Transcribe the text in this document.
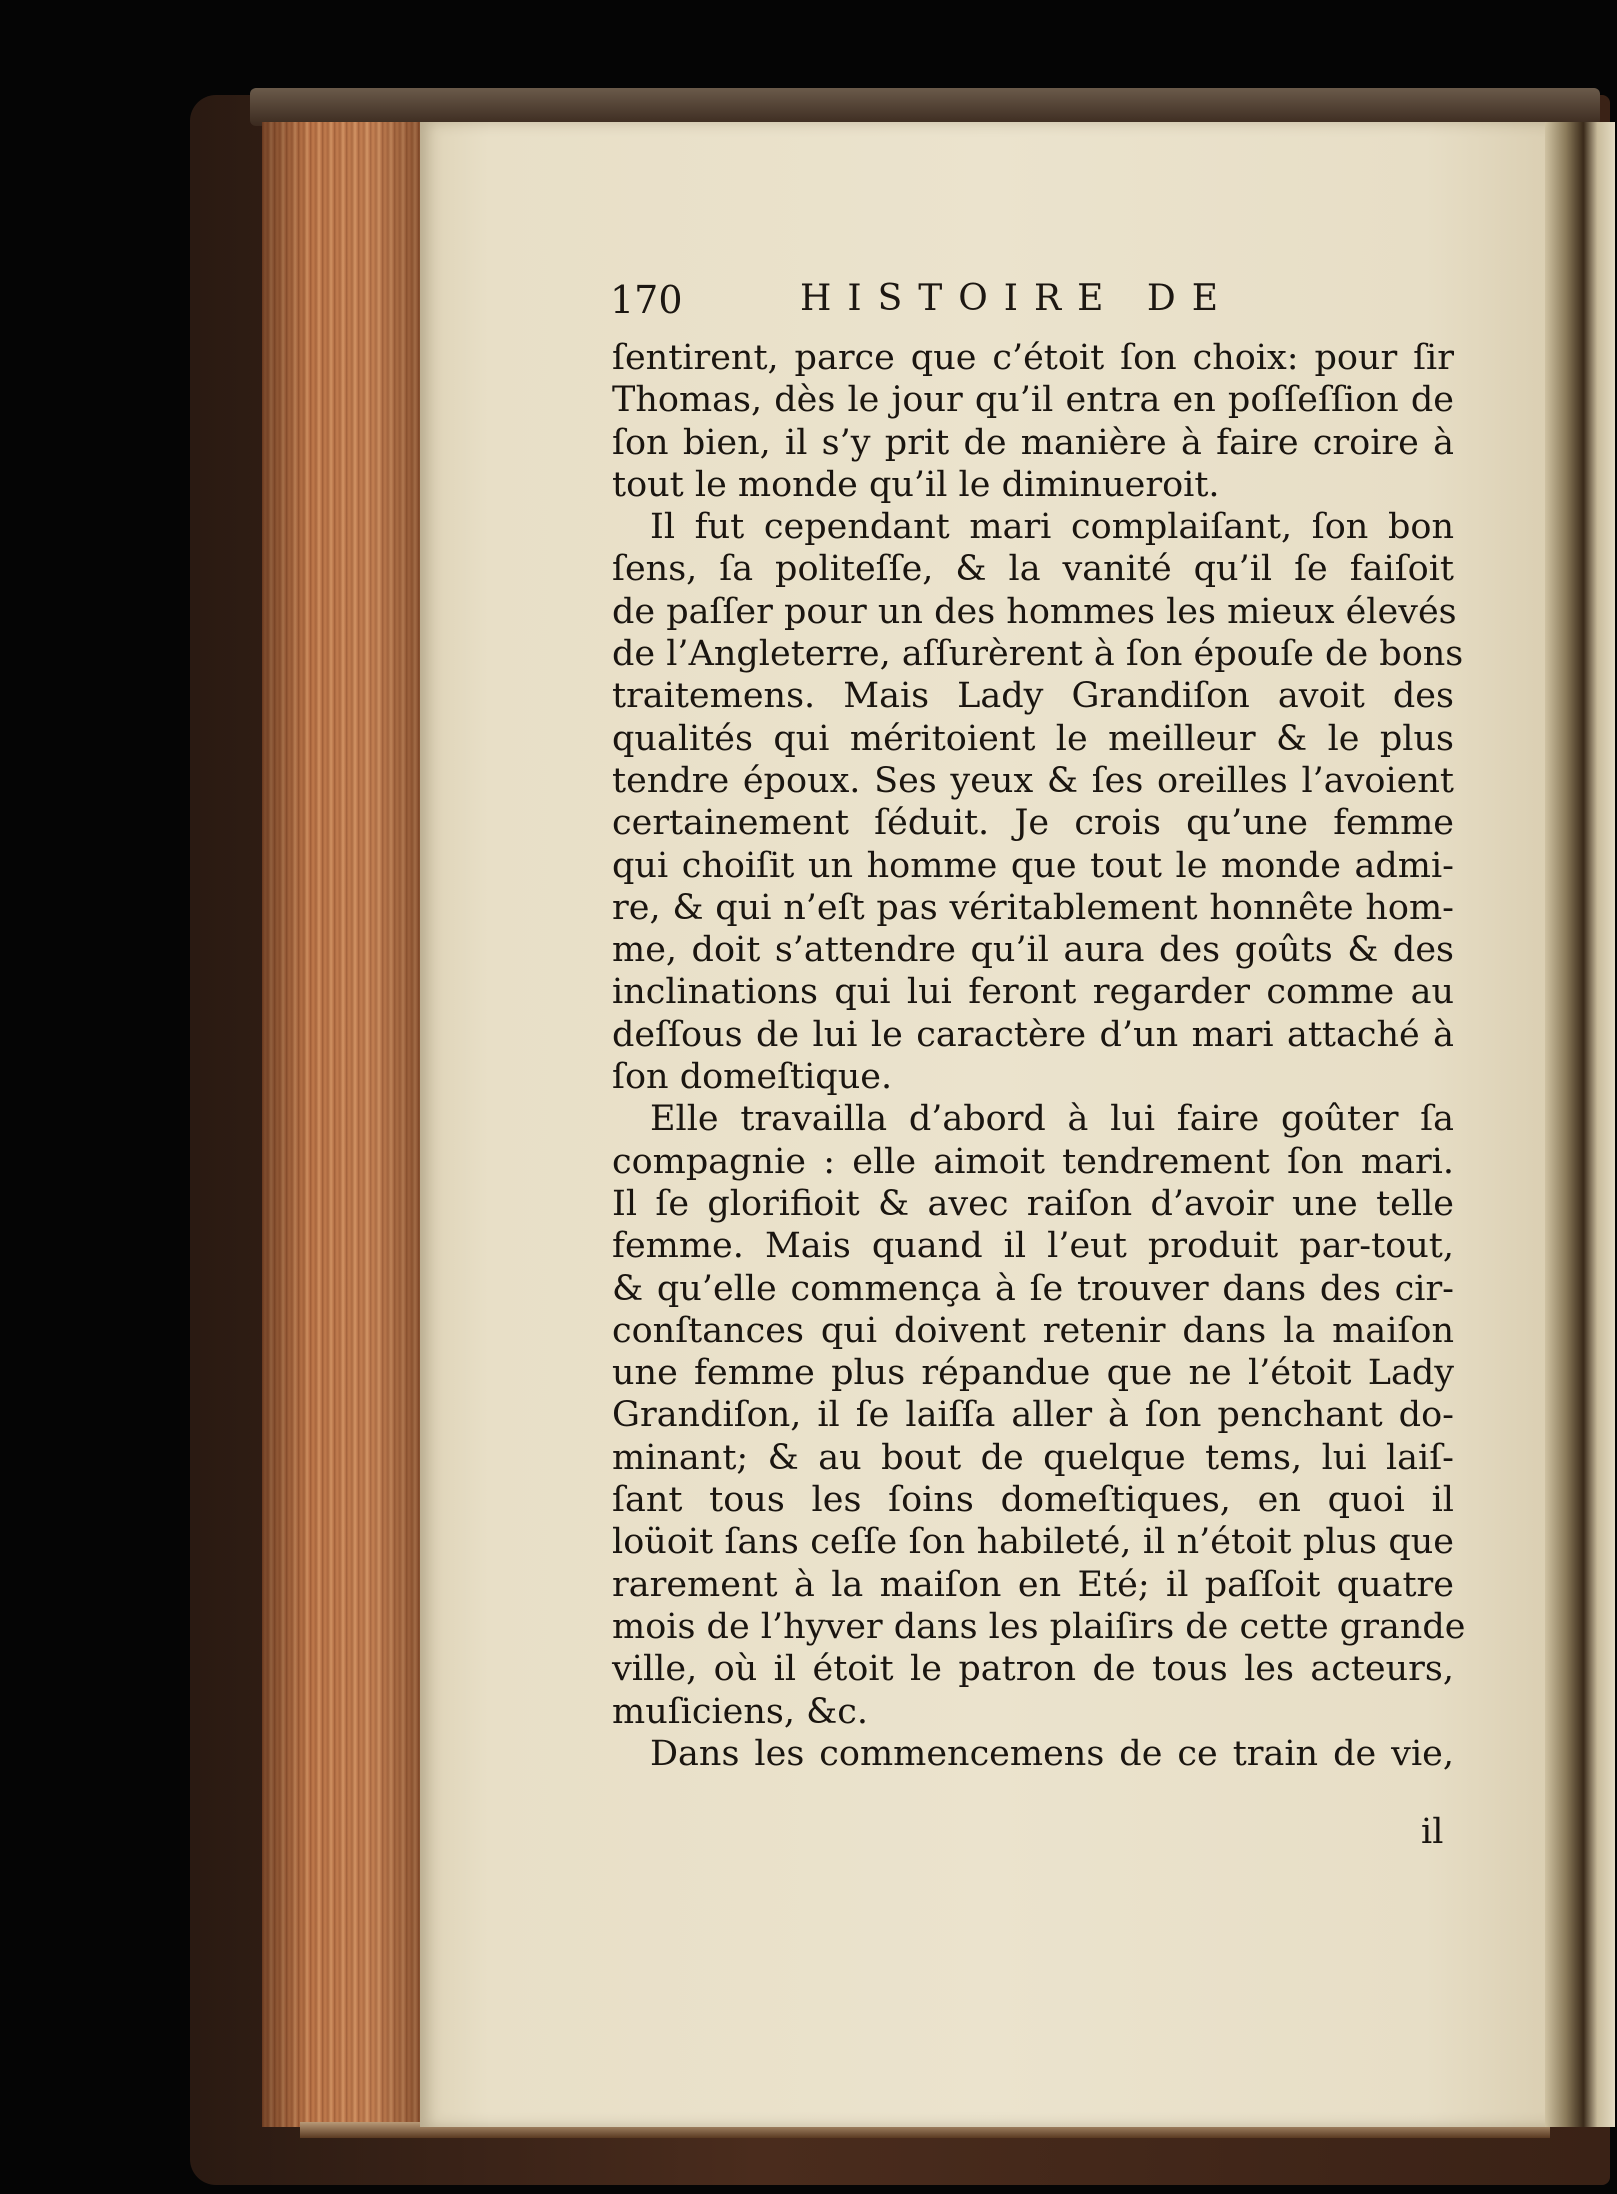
170	HISTOIRE DE
ſentirent, parce que c’étoit ſon choix: pour ſir
Thomas, dès le jour qu’il entra en poſſeſſion de
ſon bien, il s’y prit de manière à faire croire à
tout le monde qu’il le diminueroit.
Il fut cependant mari complaiſant, ſon bon
ſens, ſa politeſſe, & la vanité qu’il ſe faiſoit
de paſſer pour un des hommes les mieux élevés
de l’Angleterre, aſſurèrent à ſon épouſe de bons
traitemens. Mais Lady Grandiſon avoit des
qualités qui méritoient le meilleur & le plus
tendre époux. Ses yeux & ſes oreilles l’avoient
certainement ſéduit. Je crois qu’une femme
qui choiſit un homme que tout le monde admi-
re, & qui n’eſt pas véritablement honnête hom-
me, doit s’attendre qu’il aura des goûts & des
inclinations qui lui feront regarder comme au
deſſous de lui le caractère d’un mari attaché à
ſon domeſtique.
Elle travailla d’abord à lui faire goûter ſa
compagnie : elle aimoit tendrement ſon mari.
Il ſe glorifioit & avec raiſon d’avoir une telle
femme. Mais quand il l’eut produit par-tout,
& qu’elle commença à ſe trouver dans des cir-
conſtances qui doivent retenir dans la maiſon
une femme plus répandue que ne l’étoit Lady
Grandiſon, il ſe laiſſa aller à ſon penchant do-
minant; & au bout de quelque tems, lui laiſ-
ſant tous les ſoins domeſtiques, en quoi il
loüoit ſans ceſſe ſon habileté, il n’étoit plus que
rarement à la maiſon en Eté; il paſſoit quatre
mois de l’hyver dans les plaiſirs de cette grande
ville, où il étoit le patron de tous les acteurs,
muſiciens, &c.
Dans les commencemens de ce train de vie,
il
